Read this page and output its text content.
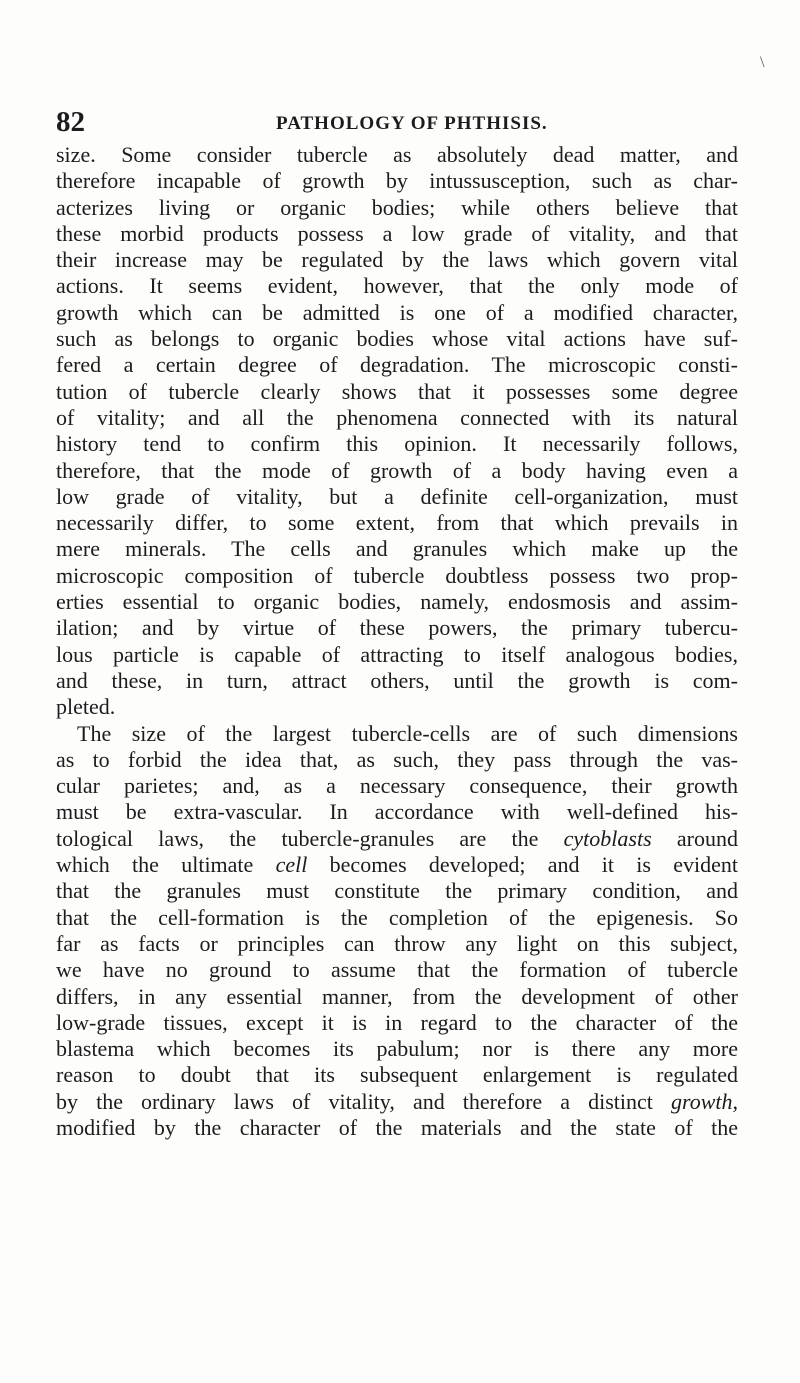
82	PATHOLOGY OF PHTHISIS.
\
size. Some consider tubercle as absolutely dead matter, and
therefore incapable of growth by intussusception, such as char-
acterizes living or organic bodies; while others believe that
these morbid products possess a low grade of vitality, and that
their increase may be regulated by the laws which govern vital
actions. It seems evident, however, that the only mode of
growth which can be admitted is one of a modified character,
such as belongs to organic bodies whose vital actions have suf-
fered a certain degree of degradation. The microscopic consti-
tution of tubercle clearly shows that it possesses some degree
of vitality; and all the phenomena connected with its natural
history tend to confirm this opinion. It necessarily follows,
therefore, that the mode of growth of a body having even a
low grade of vitality, but a definite cell-organization, must
necessarily differ, to some extent, from that which prevails in
mere minerals. The cells and granules which make up the
microscopic composition of tubercle doubtless possess two prop-
erties essential to organic bodies, namely, endosmosis and assim-
ilation; and by virtue of these powers, the primary tubercu-
lous particle is capable of attracting to itself analogous bodies,
and these, in turn, attract others, until the growth is com-
pleted.
The size of the largest tubercle-cells are of such dimensions
as to forbid the idea that, as such, they pass through the vas-
cular parietes; and, as a necessary consequence, their growth
must be extra-vascular. In accordance with well-defined his-
tological laws, the tubercle-granules are the cytoblasts around
which the ultimate cell becomes developed; and it is evident
that the granules must constitute the primary condition, and
that the cell-formation is the completion of the epigenesis. So
far as facts or principles can throw any light on this subject,
we have no ground to assume that the formation of tubercle
differs, in any essential manner, from the development of other
low-grade tissues, except it is in regard to the character of the
blastema which becomes its pabulum; nor is there any more
reason to doubt that its subsequent enlargement is regulated
by the ordinary laws of vitality, and therefore a distinct growth,
modified by the character of the materials and the state of the
